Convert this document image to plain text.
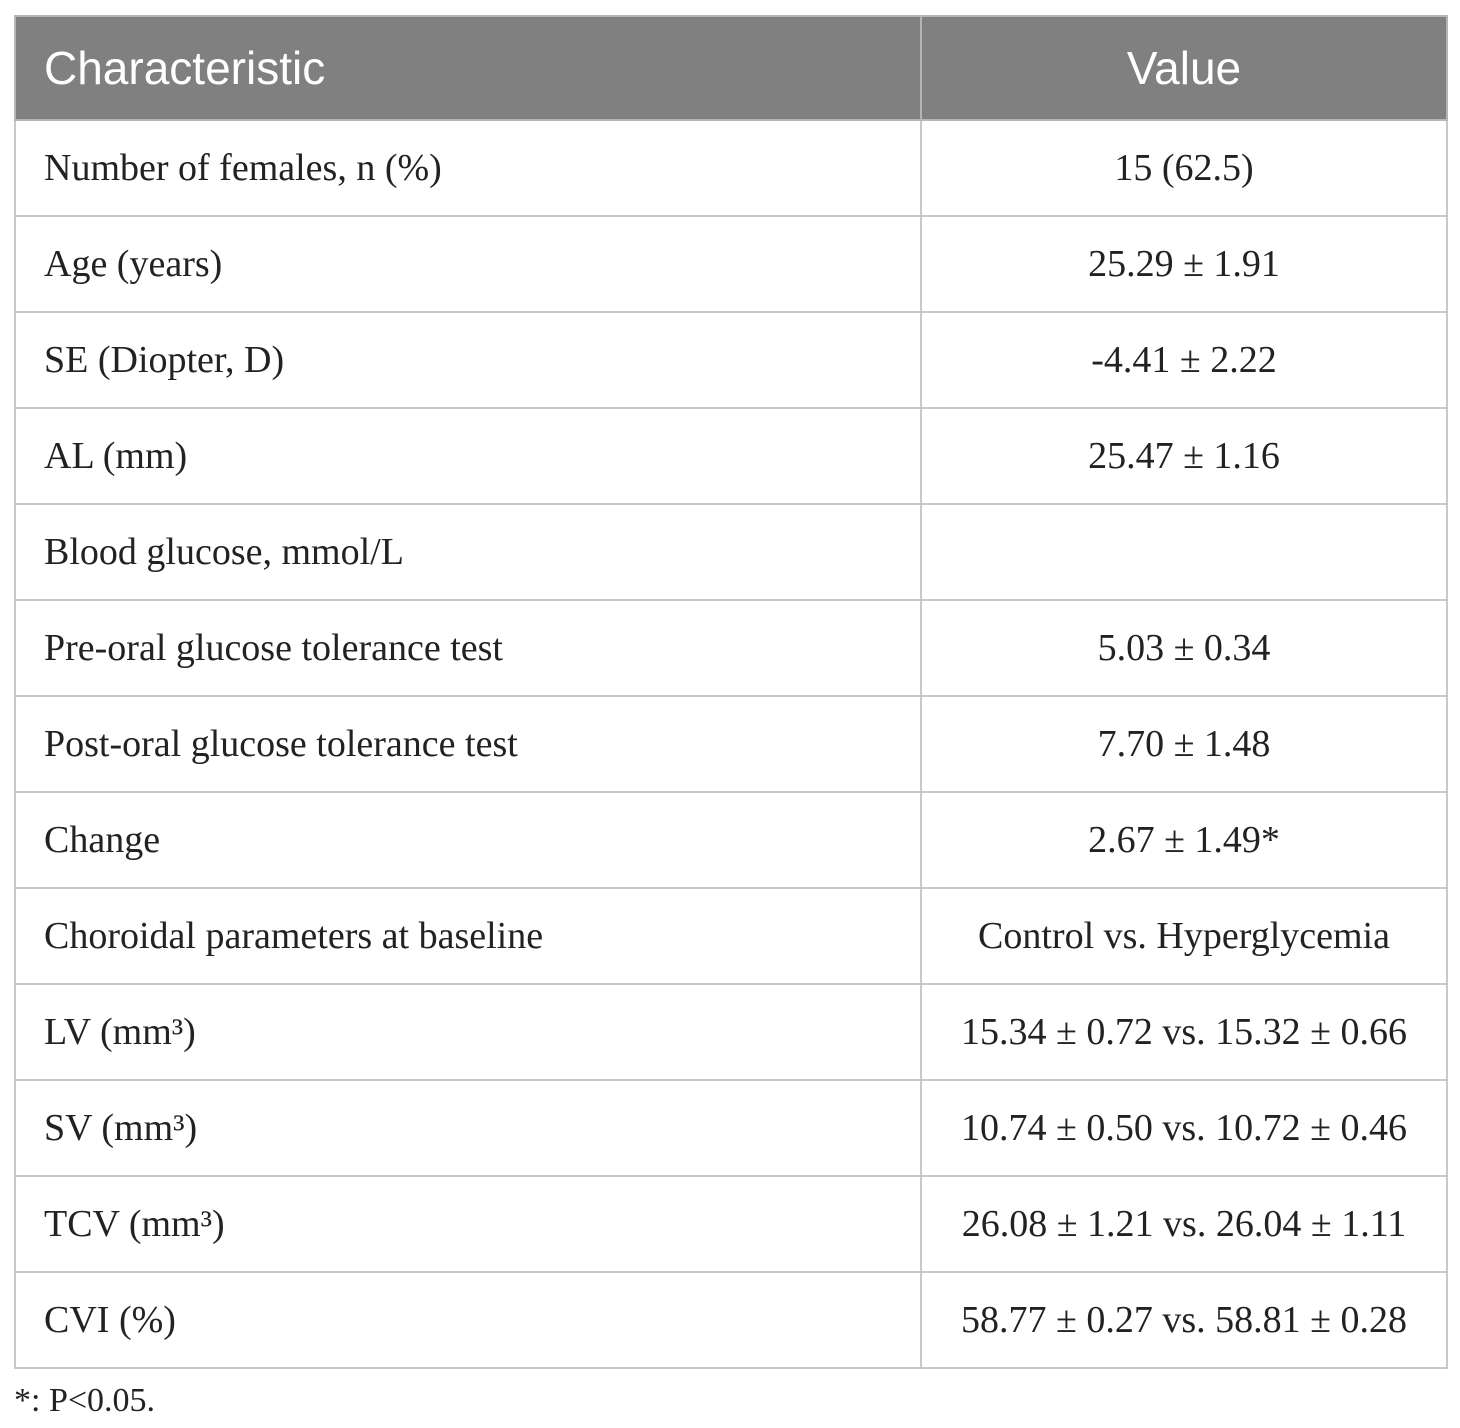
Characteristic	Value
Number of females, n (%)	15 (62.5)
Age (years)	25.29 ± 1.91
SE (Diopter, D)	-4.41 ± 2.22
AL (mm)	25.47 ± 1.16
Blood glucose, mmol/L	
Pre-oral glucose tolerance test	5.03 ± 0.34
Post-oral glucose tolerance test	7.70 ± 1.48
Change	2.67 ± 1.49*
Choroidal parameters at baseline	Control vs. Hyperglycemia
LV (mm³)	15.34 ± 0.72 vs. 15.32 ± 0.66
SV (mm³)	10.74 ± 0.50 vs. 10.72 ± 0.46
TCV (mm³)	26.08 ± 1.21 vs. 26.04 ± 1.11
CVI (%)	58.77 ± 0.27 vs. 58.81 ± 0.28
*: P<0.05.
